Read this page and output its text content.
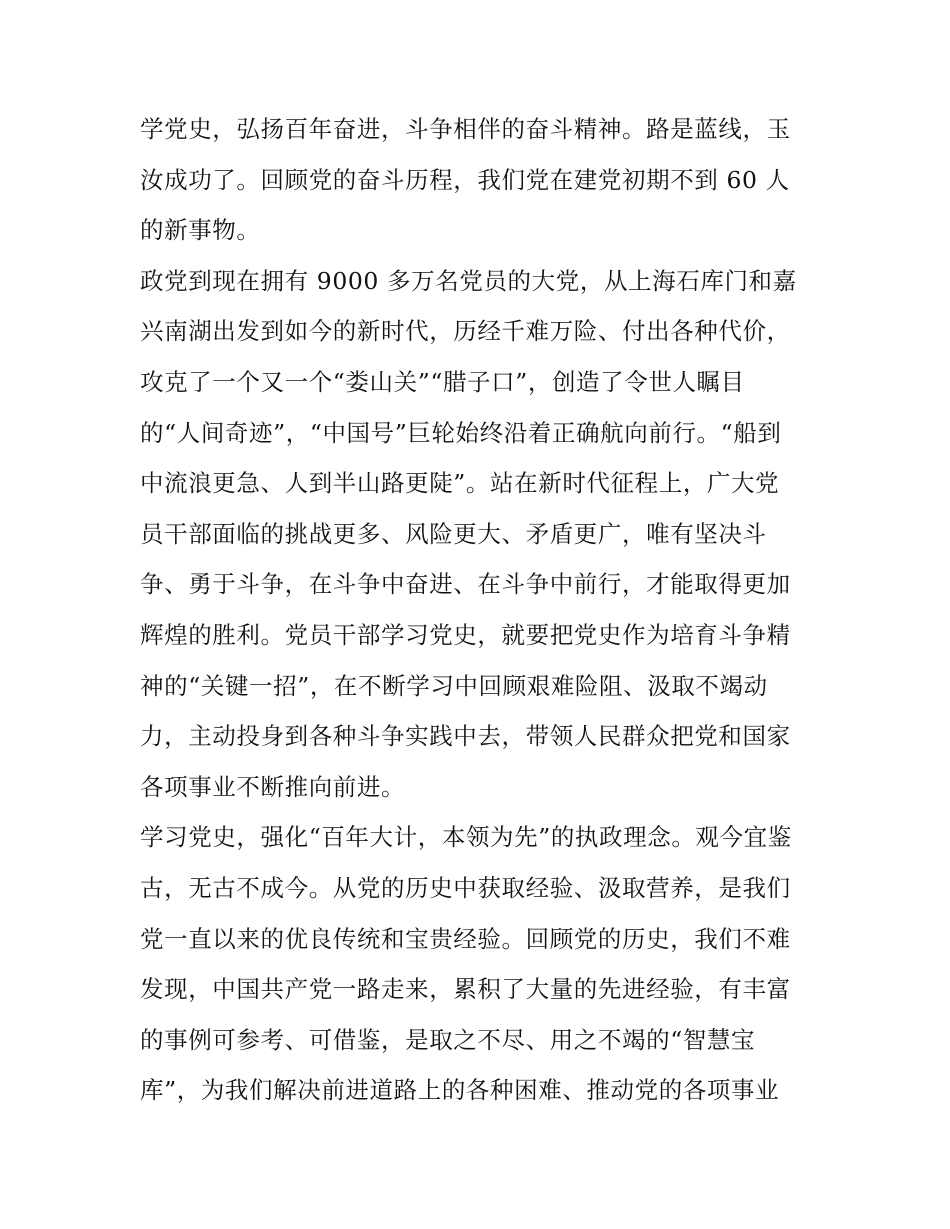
学党史，弘扬百年奋进，斗争相伴的奋斗精神。路是蓝线，玉
汝成功了。回顾党的奋斗历程，我们党在建党初期不到 60 人
的新事物。
政党到现在拥有 9000 多万名党员的大党，从上海石库门和嘉
兴南湖出发到如今的新时代，历经千难万险、付出各种代价，
攻克了一个又一个“娄山关”“腊子口”，创造了令世人瞩目
的“人间奇迹”，“中国号”巨轮始终沿着正确航向前行。“船到
中流浪更急、人到半山路更陡”。站在新时代征程上，广大党
员干部面临的挑战更多、风险更大、矛盾更广，唯有坚决斗
争、勇于斗争，在斗争中奋进、在斗争中前行，才能取得更加
辉煌的胜利。党员干部学习党史，就要把党史作为培育斗争精
神的“关键一招”，在不断学习中回顾艰难险阻、汲取不竭动
力，主动投身到各种斗争实践中去，带领人民群众把党和国家
各项事业不断推向前进。
学习党史，强化“百年大计，本领为先”的执政理念。观今宜鉴
古，无古不成今。从党的历史中获取经验、汲取营养，是我们
党一直以来的优良传统和宝贵经验。回顾党的历史，我们不难
发现，中国共产党一路走来，累积了大量的先进经验，有丰富
的事例可参考、可借鉴，是取之不尽、用之不竭的“智慧宝
库”，为我们解决前进道路上的各种困难、推动党的各项事业
